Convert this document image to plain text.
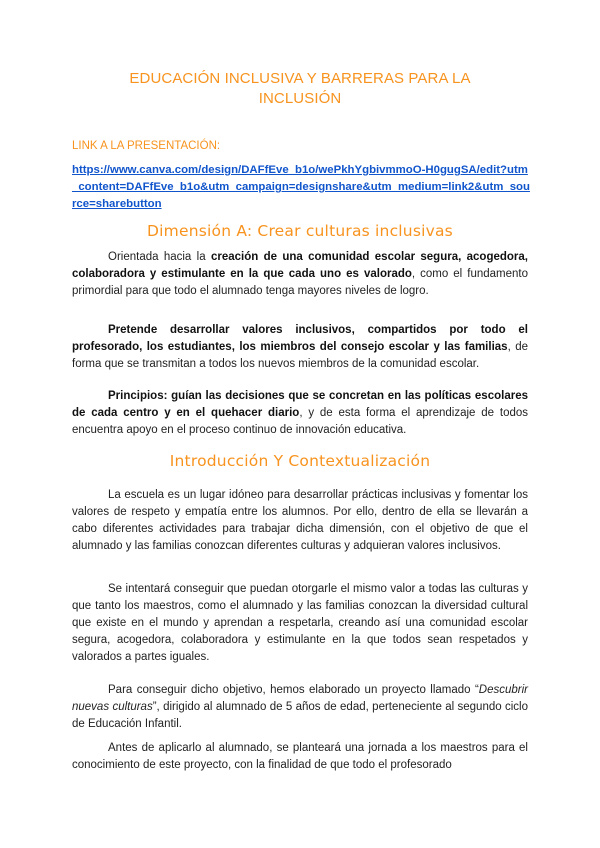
EDUCACIÓN INCLUSIVA Y BARRERAS PARA LA INCLUSIÓN
LINK A LA PRESENTACIÓN:
https://www.canva.com/design/DAFfEve_b1o/wePkhYgbivmmoO-H0gugSA/edit?utm_content=DAFfEve_b1o&utm_campaign=designshare&utm_medium=link2&utm_source=sharebutton
Dimensión A: Crear culturas inclusivas

Orientada hacia la creación de una comunidad escolar segura, acogedora, colaboradora y estimulante en la que cada uno es valorado, como el fundamento primordial para que todo el alumnado tenga mayores niveles de logro.

Pretende desarrollar valores inclusivos, compartidos por todo el profesorado, los estudiantes, los miembros del consejo escolar y las familias, de forma que se transmitan a todos los nuevos miembros de la comunidad escolar.

Principios: guían las decisiones que se concretan en las políticas escolares de cada centro y en el quehacer diario, y de esta forma el aprendizaje de todos encuentra apoyo en el proceso continuo de innovación educativa.

Introducción Y Contextualización

La escuela es un lugar idóneo para desarrollar prácticas inclusivas y fomentar los valores de respeto y empatía entre los alumnos. Por ello, dentro de ella se llevarán a cabo diferentes actividades para trabajar dicha dimensión, con el objetivo de que el alumnado y las familias conozcan diferentes culturas y adquieran valores inclusivos.

Se intentará conseguir que puedan otorgarle el mismo valor a todas las culturas y que tanto los maestros, como el alumnado y las familias conozcan la diversidad cultural que existe en el mundo y aprendan a respetarla, creando así una comunidad escolar segura, acogedora, colaboradora y estimulante en la que todos sean respetados y valorados a partes iguales.

Para conseguir dicho objetivo, hemos elaborado un proyecto llamado “Descubrir nuevas culturas”, dirigido al alumnado de 5 años de edad, perteneciente al segundo ciclo de Educación Infantil.

Antes de aplicarlo al alumnado, se planteará una jornada a los maestros para el conocimiento de este proyecto, con la finalidad de que todo el profesorado
